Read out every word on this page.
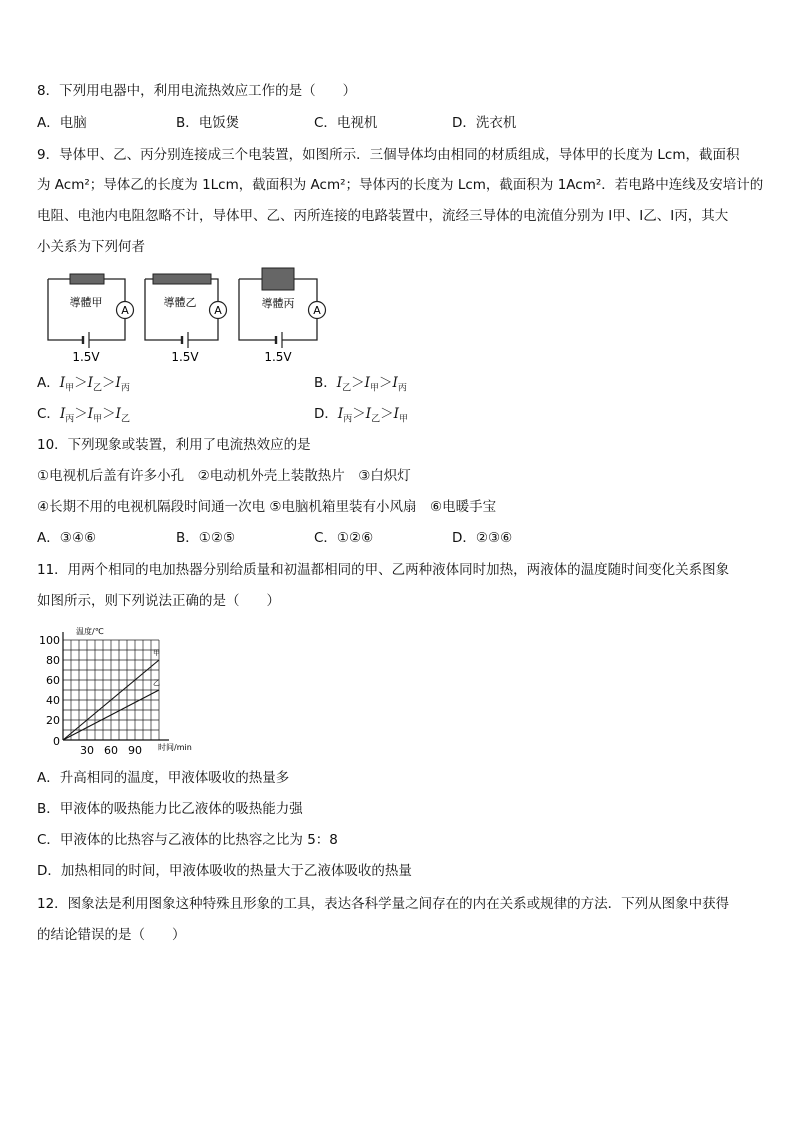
8．下列用电器中，利用电流热效应工作的是（　　）
A．电脑	B．电饭煲	C．电视机	D．洗衣机
9．导体甲、乙、丙分别连接成三个电装置，如图所示．三個导体均由相同的材质组成，导体甲的长度为 Lcm，截面积
为 Acm²；导体乙的长度为 1Lcm，截面积为 Acm²；导体丙的长度为 Lcm，截面积为 1Acm²．若电路中连线及安培计的
电阻、电池内电阻忽略不计，导体甲、乙、丙所连接的电路装置中，流经三导体的电流值分别为 I甲、I乙、I丙，其大
小关系为下列何者
A
導體甲
1.5V
A
導體乙
1.5V
A
導體丙
1.5V
A．$I_甲>I_乙>I_丙$	B．$I_乙>I_甲>I_丙$
C．$I_丙>I_甲>I_乙$	D．$I_丙>I_乙>I_甲$
10．下列现象或装置，利用了电流热效应的是
①电视机后盖有许多小孔　②电动机外壳上装散热片　③白炽灯
④长期不用的电视机隔段时间通一次电 ⑤电脑机箱里装有小风扇　⑥电暖手宝
A．③④⑥	B．①②⑤	C．①②⑥	D．②③⑥
11．用两个相同的电加热器分别给质量和初温都相同的甲、乙两种液体同时加热，两液体的温度随时间变化关系图象
如图所示，则下列说法正确的是（　　）
20
40
60
80
100
30 60 90
0
甲
乙
温度/℃
时间/min
A．升高相同的温度，甲液体吸收的热量多
B．甲液体的吸热能力比乙液体的吸热能力强
C．甲液体的比热容与乙液体的比热容之比为 5：8
D．加热相同的时间，甲液体吸收的热量大于乙液体吸收的热量
12．图象法是利用图象这种特殊且形象的工具，表达各科学量之间存在的内在关系或规律的方法．下列从图象中获得
的结论错误的是（　　）
